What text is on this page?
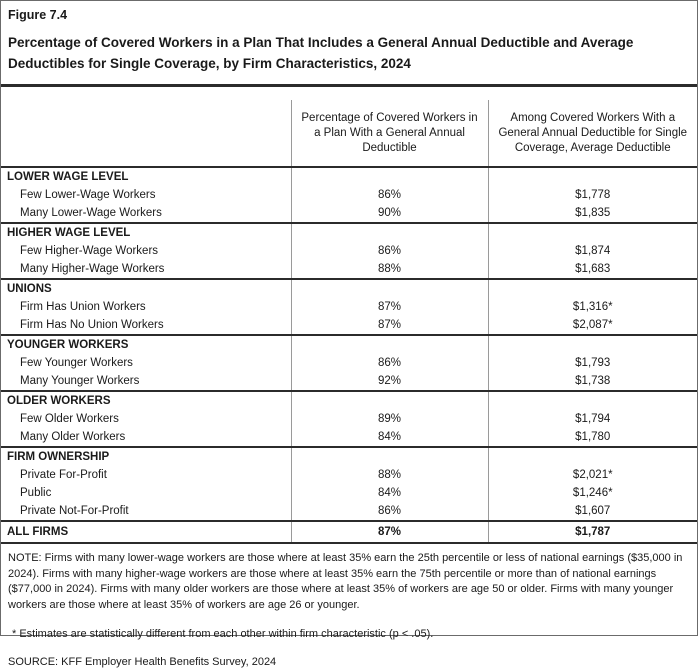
Figure 7.4
Percentage of Covered Workers in a Plan That Includes a General Annual Deductible and Average Deductibles for Single Coverage, by Firm Characteristics, 2024
	Percentage of Covered Workers in a Plan With a General Annual Deductible	Among Covered Workers With a General Annual Deductible for Single Coverage, Average Deductible
LOWER WAGE LEVEL		
Few Lower-Wage Workers	86%	$1,778
Many Lower-Wage Workers	90%	$1,835
HIGHER WAGE LEVEL		
Few Higher-Wage Workers	86%	$1,874
Many Higher-Wage Workers	88%	$1,683
UNIONS		
Firm Has Union Workers	87%	$1,316*
Firm Has No Union Workers	87%	$2,087*
YOUNGER WORKERS		
Few Younger Workers	86%	$1,793
Many Younger Workers	92%	$1,738
OLDER WORKERS		
Few Older Workers	89%	$1,794
Many Older Workers	84%	$1,780
FIRM OWNERSHIP		
Private For-Profit	88%	$2,021*
Public	84%	$1,246*
Private Not-For-Profit	86%	$1,607
ALL FIRMS	87%	$1,787

NOTE: Firms with many lower-wage workers are those where at least 35% earn the 25th percentile or less of national earnings ($35,000 in 2024). Firms with many higher-wage workers are those where at least 35% earn the 75th percentile or more than of national earnings ($77,000 in 2024). Firms with many older workers are those where at least 35% of workers are age 50 or older. Firms with many younger workers are those where at least 35% of workers are age 26 or younger.

* Estimates are statistically different from each other within firm characteristic (p < .05).
SOURCE: KFF Employer Health Benefits Survey, 2024
